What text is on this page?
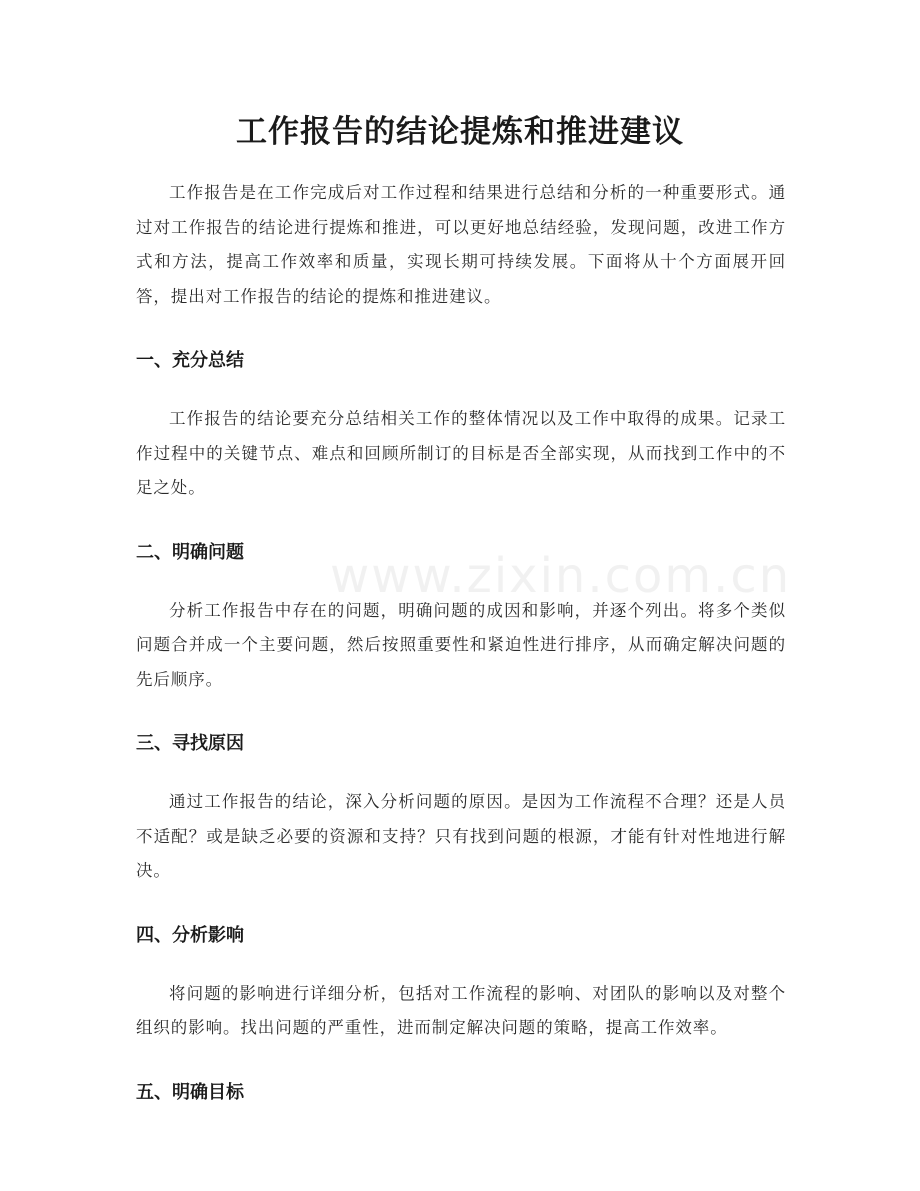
www.zixin.com.cn
工作报告的结论提炼和推进建议

工作报告是在工作完成后对工作过程和结果进行总结和分析的一种重要形式。通过对工作报告的结论进行提炼和推进，可以更好地总结经验，发现问题，改进工作方式和方法，提高工作效率和质量，实现长期可持续发展。下面将从十个方面展开回答，提出对工作报告的结论的提炼和推进建议。

一、充分总结

工作报告的结论要充分总结相关工作的整体情况以及工作中取得的成果。记录工作过程中的关键节点、难点和回顾所制订的目标是否全部实现，从而找到工作中的不足之处。

二、明确问题

分析工作报告中存在的问题，明确问题的成因和影响，并逐个列出。将多个类似问题合并成一个主要问题，然后按照重要性和紧迫性进行排序，从而确定解决问题的先后顺序。

三、寻找原因

通过工作报告的结论，深入分析问题的原因。是因为工作流程不合理？还是人员不适配？或是缺乏必要的资源和支持？只有找到问题的根源，才能有针对性地进行解决。

四、分析影响

将问题的影响进行详细分析，包括对工作流程的影响、对团队的影响以及对整个组织的影响。找出问题的严重性，进而制定解决问题的策略，提高工作效率。

五、明确目标
